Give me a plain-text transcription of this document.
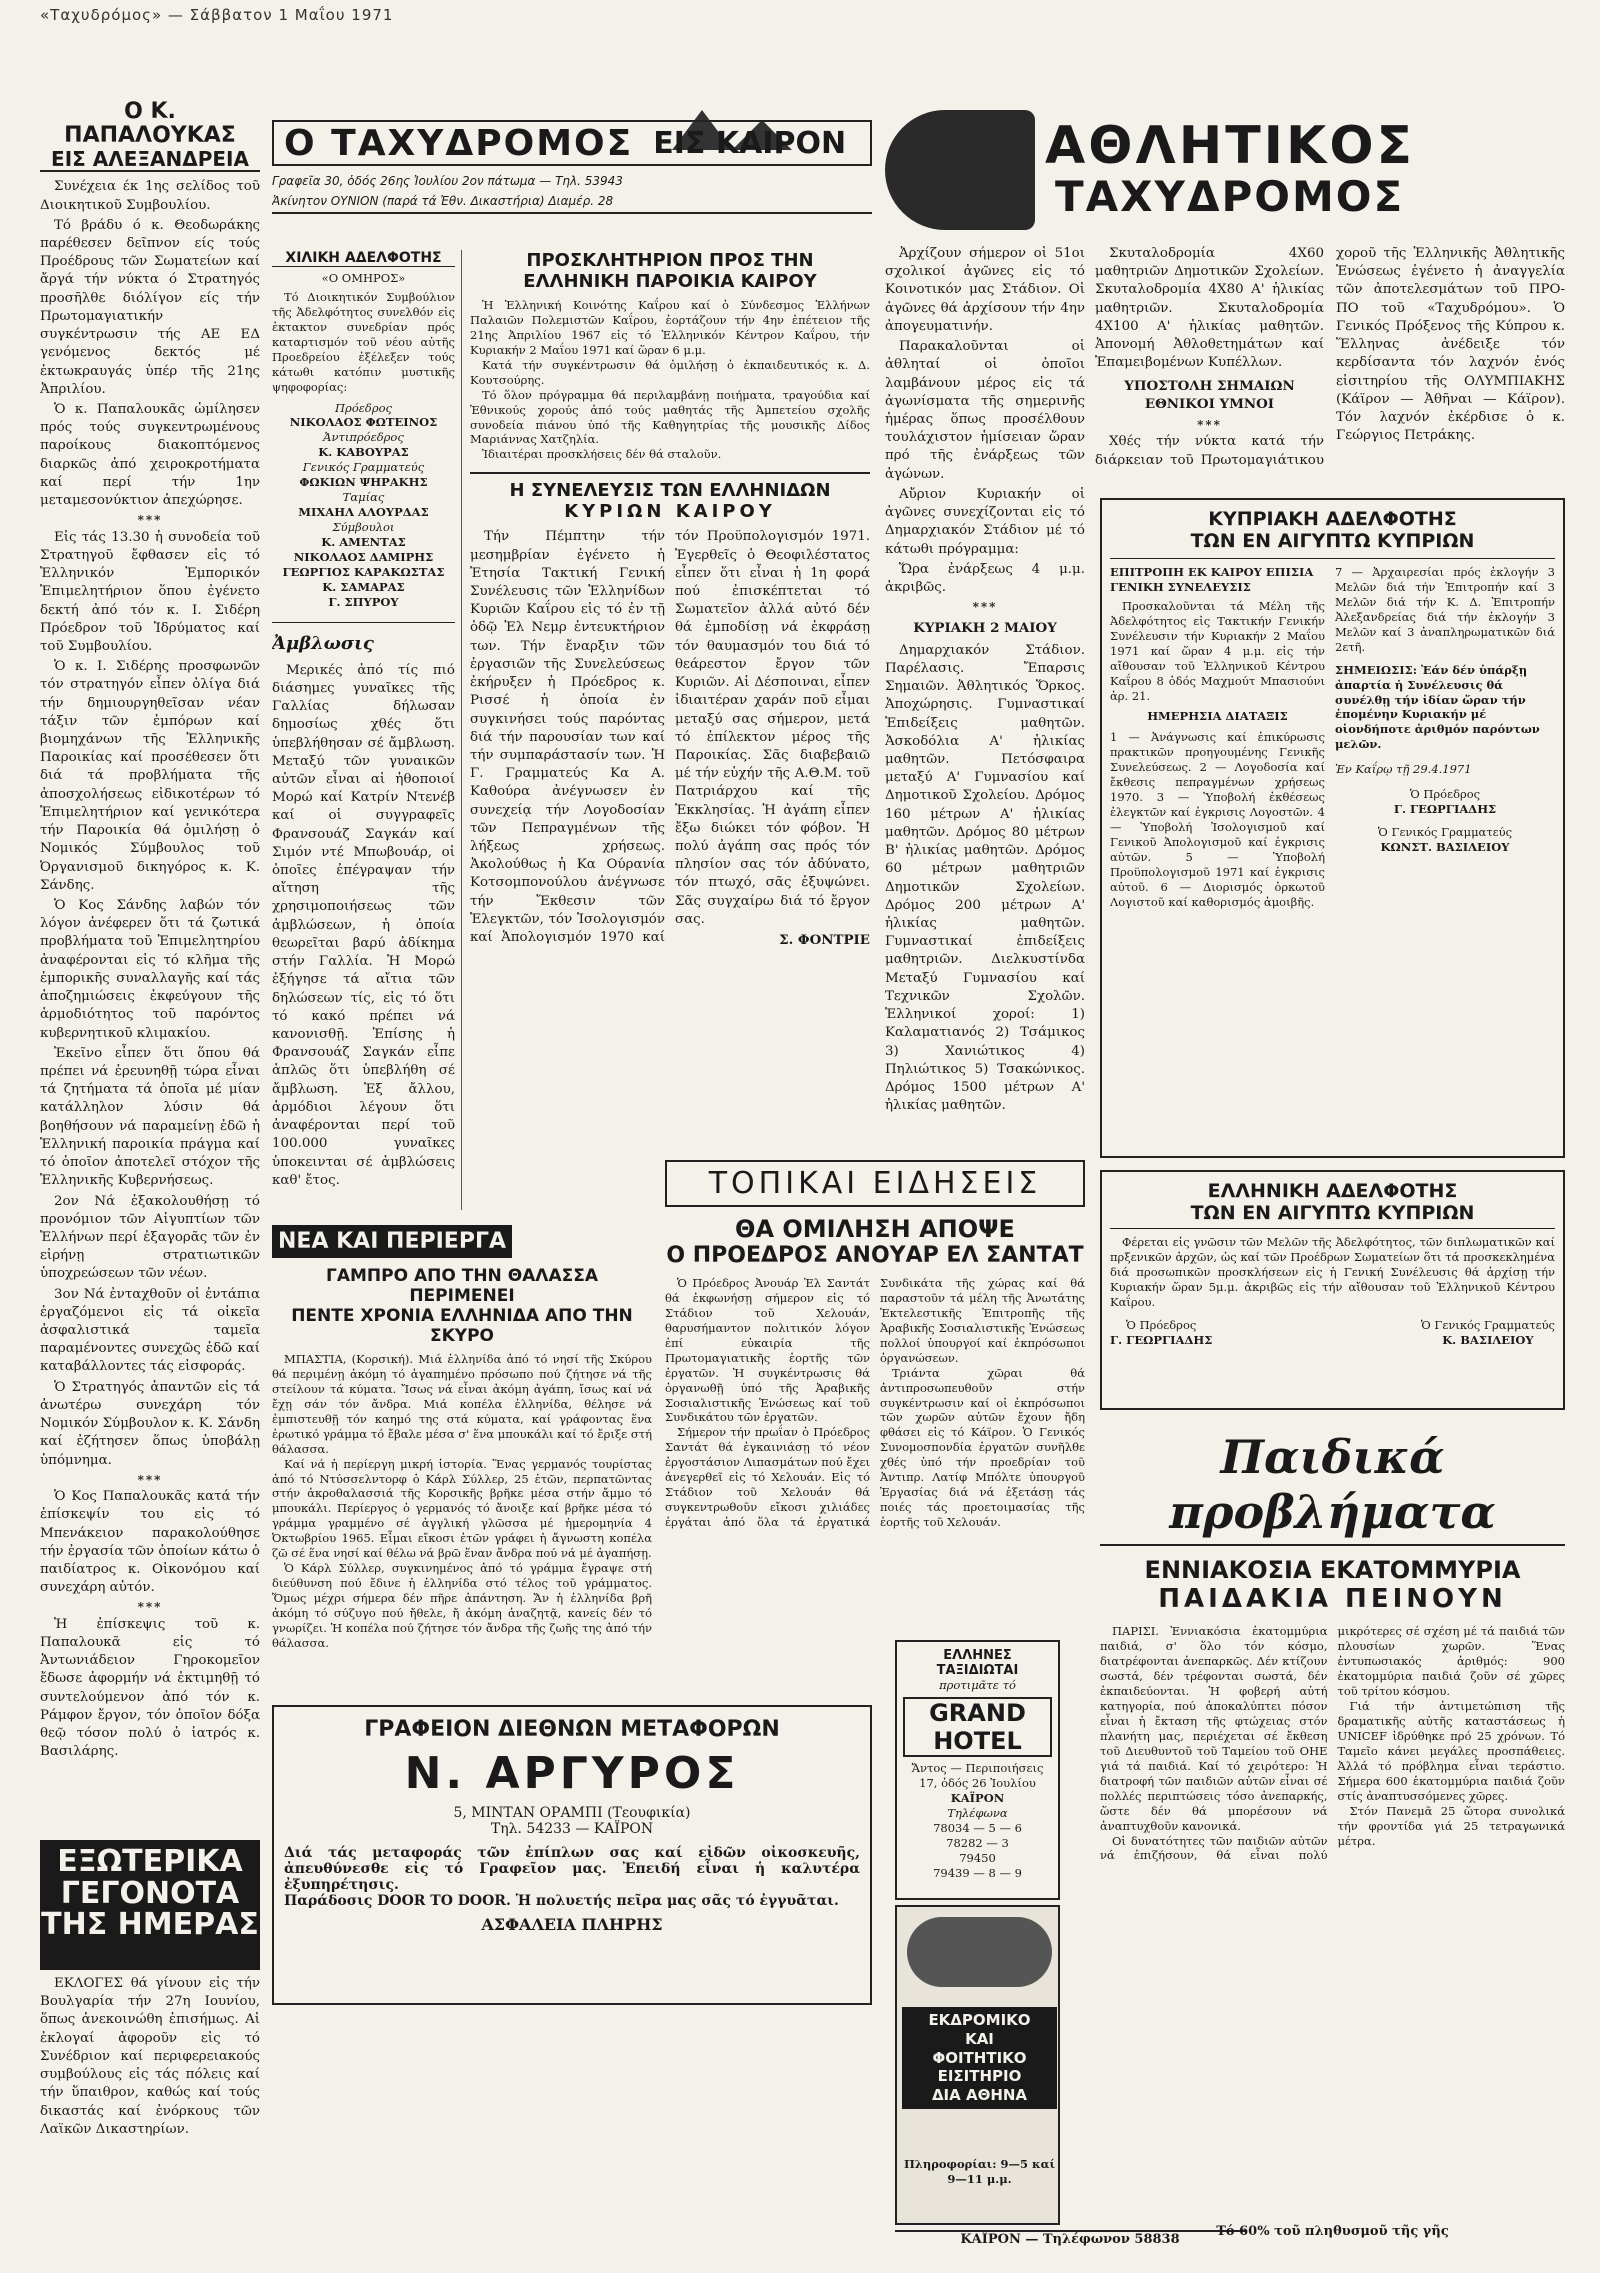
«Ταχυδρόμος» — Σάββατον 1 Μαΐου 1971
Ο Κ. ΠΑΠΑΛΟΥΚΑΣ
ΕΙΣ ΑΛΕΞΑΝΔΡΕΙΑ

Συνέχεια έκ 1ης σελίδος τοῦ Διοικητικοῦ Συμβουλίου.

Τό βράδυ ό κ. Θεοδωράκης παρέθεσεν δεῖπνον είς τούς Προέδρους τῶν Σωματείων καί ἄργά τήν νύκτα ό Στρατηγός προσῆλθε διόλίγον είς τήν Πρωτομαγιατικήν συγκέντρωσιν τής ΑΕ ΕΔ γενόμενος δεκτός μέ ἐκτωκραυγάς ὑπέρ τῆς 21ης Ἀπριλίου.

Ὁ κ. Παπαλουκᾶς ὡμίλησεν πρός τούς συγκεντρωμένους παροίκους διακοπτόμενος διαρκῶς ἀπό χειροκροτήματα καί περί τήν 1ην μεταμεσονύκτιον ἀπεχώρησε.

***

Εἰς τάς 13.30 ἡ συνοδεία τοῦ Στρατηγοῦ ἔφθασεν εἰς τό Ἑλληνικόν Ἐμπορικόν Ἐπιμελητήριον ὅπου ἐγένετο δεκτή ἀπό τόν κ. Ι. Σιδέρη Πρόεδρον τοῦ Ἱδρύματος καί τοῦ Συμβουλίου.

Ὁ κ. Ι. Σιδέρης προσφωνῶν τόν στρατηγόν εἶπεν ὀλίγα διά τήν δημιουργηθεῖσαν νέαν τάξιν τῶν ἐμπόρων καί βιομηχάνων τῆς Ἑλληνικῆς Παροικίας καί προσέθεσεν ὅτι διά τά προβλήματα τῆς ἀποσχολήσεως εἰδικοτέρων τό Ἐπιμελητήριον καί γενικότερα τήν Παροικία θά ὁμιλήσῃ ὁ Νομικός Σύμβουλος τοῦ Ὀργανισμοῦ δικηγόρος κ. Κ. Σάνδης.

Ὁ Κος Σάνδης λαβών τόν λόγον ἀνέφερεν ὅτι τά ζωτικά προβλήματα τοῦ Ἐπιμελητηρίου ἀναφέρονται εἰς τό κλῆμα τῆς ἐμπορικῆς συναλλαγῆς καί τάς ἀποζημιώσεις ἐκφεύγουν τῆς ἁρμοδιότητος τοῦ παρόντος κυβερνητικοῦ κλιμακίου.

Ἐκεῖνο εἶπεν ὅτι ὅπου θά πρέπει νά ἐρευνηθῇ τώρα εἶναι τά ζητήματα τά ὁποῖα μέ μίαν κατάλληλον λύσιν θά βοηθήσουν νά παραμείνῃ ἐδῶ ἡ Ἑλληνική παροικία πράγμα καί τό ὁποῖον ἀποτελεῖ στόχον τῆς Ἑλληνικῆς Κυβερνήσεως.

2ον Νά ἐξακολουθήσῃ τό προνόμιον τῶν Αἰγυπτίων τῶν Ἑλλήνων περί ἐξαγορᾶς τῶν ἐν εἰρήνῃ στρατιωτικῶν ὑποχρεώσεων τῶν νέων.

3ον Νά ἐνταχθοῦν οἱ ἐντάπια ἐργαζόμενοι εἰς τά οἰκεῖα ἀσφαλιστικά ταμεῖα παραμένοντες συνεχῶς ἐδῶ καί καταβάλλοντες τάς εἰσφοράς.

Ὁ Στρατηγός ἀπαντῶν εἰς τά ἀνωτέρω συνεχάρη τόν Νομικόν Σύμβουλον κ. Κ. Σάνδη καί ἐζήτησεν ὅπως ὑποβάλῃ ὑπόμνημα.

***

Ὁ Κος Παπαλουκᾶς κατά τήν ἐπίσκεψίν του εἰς τό Μπενάκειον παρακολούθησε τήν ἐργασία τῶν ὁποίων κάτω ὁ παιδίατρος κ. Οἰκονόμου καί συνεχάρη αὐτόν.

***

Ἡ ἐπίσκεψις τοῦ κ. Παπαλουκᾶ εἰς τό Ἀντωνιάδειον Γηροκομεῖον ἔδωσε ἀφορμήν νά ἐκτιμηθῇ τό συντελούμενον ἀπό τόν κ. Ράμφον ἔργον, τόν ὁποῖον δόξα θεῷ τόσον πολύ ὁ ἰατρός κ. Βασιλάρης.

ΕΞΩΤΕΡΙΚΑ ΓΕΓΟΝΟΤΑ ΤΗΣ ΗΜΕΡΑΣ

ΕΚΛΟΓΕΣ θά γίνουν εἰς τήν Βουλγαρία τήν 27η Ιουνίου, ὅπως ἀνεκοινώθη ἐπισήμως. Αἱ ἐκλογαί ἀφοροῦν εἰς τό Συνέδριον καί περιφερειακούς συμβούλους εἰς τάς πόλεις καί τήν ὕπαιθρον, καθώς καί τούς δικαστάς καί ἐνόρκους τῶν Λαϊκῶν Δικαστηρίων.

Ο ΤΑΧΥΔΡΟΜΟΣ ΕΙΣ ΚΑΙΡΟΝ
Γραφεῖα 30, ὁδός 26ης Ἰουλίου 2ον πάτωμα — Τηλ. 53943
Ἀκίνητον ΟΥΝΙΟΝ (παρά τά Ἐθν. Δικαστήρια) Διαμέρ. 28
ΧΙΛΙΚΗ ΑΔΕΛΦΟΤΗΣ
«Ο ΟΜΗΡΟΣ»
Τό Διοικητικόν Συμβούλιον τῆς Ἀδελφότητος συνελθόν εἰς ἐκτακτον συνεδρίαν πρός καταρτισμόν τοῦ νέου αὐτῆς Προεδρείου ἐξέλεξεν τούς κάτωθι κατόπιν μυστικῆς ψηφοφορίας:
Πρόεδρος
ΝΙΚΟΛΑΟΣ ΦΩΤΕΙΝΟΣ
Ἀντιπρόεδρος
Κ. ΚΑΒΟΥΡΑΣ
Γενικός Γραμματεύς
ΦΩΚΙΩΝ ΨΗΡΑΚΗΣ
Ταμίας
ΜΙΧΑΗΛ ΑΛΟΥΡΔΑΣ
Σύμβουλοι
Κ. ΑΜΕΝΤΑΣ
ΝΙΚΟΛΑΟΣ ΔΑΜΙΡΗΣ
ΓΕΩΡΓΙΟΣ ΚΑΡΑΚΩΣΤΑΣ
Κ. ΣΑΜΑΡΑΣ
Γ. ΣΠΥΡΟΥ
Ἀμβλωσις

Μερικές ἀπό τίς πιό διάσημες γυναῖκες τῆς Γαλλίας δήλωσαν δημοσίως χθές ὅτι ὑπεβλήθησαν σέ ἄμβλωση. Μεταξύ τῶν γυναικῶν αὐτῶν εἶναι αἱ ἠθοποιοί Μορώ καί Κατρίν Ντενέβ καί οἱ συγγραφεῖς Φρανσουάζ Σαγκάν καί Σιμόν ντέ Μπωβουάρ, οἱ ὁποῖες ἐπέγραψαν τήν αἴτηση τῆς χρησιμοποιήσεως τῶν ἀμβλώσεων, ἡ ὁποία θεωρεῖται βαρύ ἀδίκημα στήν Γαλλία. Ἡ Μορώ ἐξήγησε τά αἴτια τῶν δηλώσεων τίς, εἰς τό ὅτι τό κακό πρέπει νά κανονισθῇ. Ἐπίσης ἡ Φρανσουάζ Σαγκάν εἶπε ἁπλῶς ὅτι ὑπεβλήθη σέ ἄμβλωση. Ἐξ ἄλλου, ἁρμόδιοι λέγουν ὅτι ἀναφέρονται περί τοῦ 100.000 γυναῖκες ὑποκεινται σέ ἀμβλώσεις καθ' ἔτος.

ΠΡΟΣΚΛΗΤΗΡΙΟΝ ΠΡΟΣ ΤΗΝ
ΕΛΛΗΝΙΚΗ ΠΑΡΟΙΚΙΑ ΚΑΙΡΟΥ

Ἡ Ἑλληνική Κοινότης Καΐρου καί ὁ Σύνδεσμος Ἑλλήνων Παλαιῶν Πολεμιστῶν Καΐρου, ἑορτάζουν τήν 4ην ἐπέτειον τῆς 21ης Ἀπριλίου 1967 εἰς τό Ἑλληνικόν Κέντρον Καΐρου, τήν Κυριακήν 2 Μαΐου 1971 καί ὥραν 6 μ.μ.

Κατά τήν συγκέντρωσιν θά ὁμιλήσῃ ὁ ἐκπαιδευτικός κ. Δ. Κουτσούρης.

Τό ὅλον πρόγραμμα θά περιλαμβάνῃ ποιήματα, τραγούδια καί Ἐθνικούς χορούς ἀπό τούς μαθητάς τῆς Ἀμπετείου σχολῆς συνοδεία πιάνου ὑπό τῆς Καθηγητρίας τῆς μουσικῆς Δίδος Μαριάννας Χατζηλία.

Ἰδιαιτέραι προσκλήσεις δέν θά σταλοῦν.

Η ΣΥΝΕΛΕΥΣΙΣ ΤΩΝ ΕΛΛΗΝΙΔΩΝ
ΚΥΡΙΩΝ ΚΑΙΡΟΥ

Τήν Πέμπτην τήν μεσημβρίαν ἐγένετο ἡ Ἐτησία Τακτική Γενική Συνέλευσις τῶν Ἑλληνίδων Κυριῶν Καΐρου εἰς τό ἐν τῇ ὁδῷ Ἐλ Νεμρ ἐντευκτήριον των. Τήν ἔναρξιν τῶν ἐργασιῶν τῆς Συνελεύσεως ἐκήρυξεν ἡ Πρόεδρος κ. Ρισσέ ἡ ὁποία ἐν συγκινήσει τούς παρόντας διά τήν παρουσίαν των καί τήν συμπαράστασίν των. Ἡ Γ. Γραμματεύς Κα Α. Καθούρα ἀνέγνωσεν ἐν συνεχείᾳ τήν Λογοδοσίαν τῶν Πεπραγμένων τῆς λήξεως χρήσεως. Ἀκολούθως ἡ Κα Ούρανία Κοτσομπονούλου ἀνέγνωσε τήν Ἔκθεσιν τῶν Ἐλεγκτῶν, τόν Ἰσολογισμόν καί Ἀπολογισμόν 1970 καί τόν Προϋπολογισμόν 1971. Ἐγερθεῖς ὁ Θεοφιλέστατος εἶπεν ὅτι εἶναι ἡ 1η φορά πού ἐπισκέπτεται τό Σωματεῖον ἀλλά αὐτό δέν θά ἐμποδίσῃ νά ἐκφράσῃ τόν θαυμασμόν του διά τό θεάρεστον ἔργον τῶν Κυριῶν. Αἱ Δέσποιναι, εἶπεν ἰδιαιτέραν χαράν ποῦ εἶμαι μεταξύ σας σήμερον, μετά τό ἐπίλεκτον μέρος τῆς Παροικίας. Σᾶς διαβεβαιῶ μέ τήν εὐχήν τῆς Α.Θ.Μ. τοῦ Πατριάρχου καί τῆς Ἐκκλησίας. Ἡ ἀγάπη εἶπεν ἔξω διώκει τόν φόβον. Ἡ πολύ ἀγάπη σας πρός τόν πλησίον σας τόν ἀδύνατο, τόν πτωχό, σᾶς ἐξυψώνει. Σᾶς συγχαίρω διά τό ἔργον σας.

Σ. ΦΟΝΤΡΙΕ

Ἀρχίζουν σήμερον οἱ 51οι σχολικοί ἀγῶνες εἰς τό Κοινοτικόν μας Στάδιον. Οἱ ἀγῶνες θά ἀρχίσουν τήν 4ην ἀπογευματινήν.

Παρακαλοῦνται οἱ ἀθληταί οἱ ὁποῖοι λαμβάνουν μέρος εἰς τά ἀγωνίσματα τῆς σημερινῆς ἡμέρας ὅπως προσέλθουν τουλάχιστον ἡμίσειαν ὥραν πρό τῆς ἐνάρξεως τῶν ἀγώνων.

Αὔριον Κυριακήν οἱ ἀγῶνες συνεχίζονται εἰς τό Δημαρχιακόν Στάδιον μέ τό κάτωθι πρόγραμμα:

Ὥρα ἐνάρξεως 4 μ.μ. ἀκριβῶς.

***
ΚΥΡΙΑΚΗ 2 ΜΑΙΟΥ

Δημαρχιακόν Στάδιον. Παρέλασις. Ἔπαρσις Σημαιῶν. Ἀθλητικός Ὅρκος. Ἀποχώρησις. Γυμναστικαί Ἐπιδείξεις μαθητῶν. Ἀσκοδόλια Α' ἡλικίας μαθητῶν. Πετόσφαιρα μεταξύ Α' Γυμνασίου καί Δημοτικοῦ Σχολείου. Δρόμος 160 μέτρων Α' ἡλικίας μαθητῶν. Δρόμος 80 μέτρων Β' ἡλικίας μαθητῶν. Δρόμος 60 μέτρων μαθητριῶν Δημοτικῶν Σχολείων. Δρόμος 200 μέτρων Α' ἡλικίας μαθητῶν. Γυμναστικαί ἐπιδείξεις μαθητριῶν. Διελκυστίνδα Μεταξύ Γυμνασίου καί Τεχνικῶν Σχολῶν. Ἑλληνικοί χοροί: 1) Καλαματιανός 2) Τσάμικος 3) Χανιώτικος 4) Πηλιώτικος 5) Τσακώνικος. Δρόμος 1500 μέτρων Α' ἡλικίας μαθητῶν.

ΑΘΛΗΤΙΚΟΣ
ΤΑΧΥΔΡΟΜΟΣ

Σκυταλοδρομία 4Χ60 μαθητριῶν Δημοτικῶν Σχολείων. Σκυταλοδρομία 4Χ80 Α' ἡλικίας μαθητριῶν. Σκυταλοδρομία 4Χ100 Α' ἡλικίας μαθητῶν. Ἀπονομή Ἀθλοθετημάτων καί Ἐπαμειβομένων Κυπέλλων.

ΥΠΟΣΤΟΛΗ ΣΗΜΑΙΩΝ ΕΘΝΙΚΟΙ ΥΜΝΟΙ
***

Χθές τήν νύκτα κατά τήν διάρκειαν τοῦ Πρωτομαγιάτικου χοροῦ τῆς Ἑλληνικῆς Ἀθλητικῆς Ἑνώσεως ἐγένετο ἡ ἀναγγελία τῶν ἀποτελεσμάτων τοῦ ΠΡΟ-ΠΟ τοῦ «Ταχυδρόμου». Ὁ Γενικός Πρόξενος τῆς Κύπρου κ. Ἕλληνας ἀνέδειξε τόν κερδίσαντα τόν λαχνόν ἐνός εἰσιτηρίου τῆς ΟΛΥΜΠΙΑΚΗΣ (Κάϊρον — Ἀθῆναι — Κάϊρον). Τόν λαχνόν ἐκέρδισε ὁ κ. Γεώργιος Πετράκης.

ΚΥΠΡΙΑΚΗ ΑΔΕΛΦΟΤΗΣ
ΤΩΝ ΕΝ ΑΙΓΥΠΤΩ ΚΥΠΡΙΩΝ
ΕΠΙΤΡΟΠΗ ΕΚ ΚΑΙΡΟΥ ΕΠΙΣΙΑ ΓΕΝΙΚΗ ΣΥΝΕΛΕΥΣΙΣ

Προσκαλοῦνται τά Μέλη τῆς Ἀδελφότητος εἰς Τακτικήν Γενικήν Συνέλευσιν τήν Κυριακήν 2 Μαΐου 1971 καί ὥραν 4 μ.μ. εἰς τήν αἴθουσαν τοῦ Ἑλληνικοῦ Κέντρου Καΐρου 8 ὁδός Μαχμούτ Μπασιούνι ἀρ. 21.

ΗΜΕΡΗΣΙΑ ΔΙΑΤΑΞΙΣ

1 — Ἀνάγνωσις καί ἐπικύρωσις πρακτικῶν προηγουμένης Γενικῆς Συνελεύσεως. 2 — Λογοδοσία καί ἔκθεσις πεπραγμένων χρήσεως 1970. 3 — Ὑποβολή ἐκθέσεως ἐλεγκτῶν καί ἐγκρισις Λογοστῶν. 4 — Ὑποβολή Ἰσολογισμοῦ καί Γενικοῦ Ἀπολογισμοῦ καί ἐγκρισις αὐτῶν. 5 — Ὑποβολή Προϋπολογισμοῦ 1971 καί ἐγκρισις αὐτοῦ. 6 — Διορισμός ὁρκωτοῦ Λογιστοῦ καί καθορισμός ἀμοιβῆς.

7 — Ἀρχαιρεσίαι πρός ἐκλογήν 3 Μελῶν διά τήν Ἐπιτροπήν καί 3 Μελῶν διά τήν Κ. Δ. Ἐπιτροπήν Ἀλεξανδρείας διά τήν ἐκλογήν 3 Μελῶν καί 3 ἀναπληρωματικῶν διά 2ετῆ.

ΣΗΜΕΙΩΣΙΣ: Ἐάν δέν ὑπάρξῃ ἀπαρτία ἡ Συνέλευσις θά συνέλθῃ τήν ἰδίαν ὥραν τήν ἑπομένην Κυριακήν μέ οἱονδήποτε ἀριθμόν παρόντων μελῶν.

Ἐν Καΐρῳ τῇ 29.4.1971
Ὁ Πρόεδρος
Γ. ΓΕΩΡΓΙΑΔΗΣ
Ὁ Γενικός Γραμματεύς
ΚΩΝΣΤ. ΒΑΣΙΛΕΙΟΥ
ΕΛΛΗΝΙΚΗ ΑΔΕΛΦΟΤΗΣ
ΤΩΝ ΕΝ ΑΙΓΥΠΤΩ ΚΥΠΡΙΩΝ

Φέρεται εἰς γνῶσιν τῶν Μελῶν τῆς Ἀδελφότητος, τῶν διπλωματικῶν καί πρξενικῶν ἀρχῶν, ὡς καί τῶν Προέδρων Σωματείων ὅτι τά προσκεκλημένα διά προσωπικῶν προσκλήσεων εἰς ἡ Γενική Συνέλευσις θά ἀρχίσῃ τήν Κυριακήν ὥραν 5μ.μ. ἀκριβῶς εἰς τήν αἴθουσαν τοῦ Ἑλληνικοῦ Κέντρου Καΐρου.

Ὁ Πρόεδρος
Γ. ΓΕΩΡΓΙΑΔΗΣ
Ὁ Γενικός Γραμματεύς
Κ. ΒΑΣΙΛΕΙΟΥ
ΝΕΑ ΚΑΙ ΠΕΡΙΕΡΓΑ
ΓΑΜΠΡΟ ΑΠΟ ΤΗΝ ΘΑΛΑΣΣΑ ΠΕΡΙΜΕΝΕΙ
ΠΕΝΤΕ ΧΡΟΝΙΑ ΕΛΛΗΝΙΔΑ ΑΠΟ ΤΗΝ ΣΚΥΡΟ

ΜΠΑΣΤΙΑ, (Κορσική). Μιά ἑλληνίδα ἀπό τό νησί τῆς Σκύρου θά περιμένῃ ἀκόμη τό ἀγαπημένο πρόσωπο πού ζήτησε νά τῆς στείλουν τά κύματα. Ἴσως νά εἶναι ἀκόμη ἀγάπη, ἴσως καί νά ἔχῃ σάν τόν ἄνδρα. Μιά κοπέλα ἑλληνίδα, θέλησε νά ἐμπιστευθῇ τόν καημό της στά κύματα, καί γράφοντας ἕνα ἐρωτικό γράμμα τό ἔβαλε μέσα σ' ἕνα μπουκάλι καί τό ἔριξε στή θάλασσα.

Καί νά ἡ περίεργη μικρή ἱστορία. Ἕνας γερμανός τουρίστας ἀπό τό Ντύσσελντορφ ὁ Κάρλ Σύλλερ, 25 ἐτῶν, περπατῶντας στήν ἀκροθαλασσιά τῆς Κορσικῆς βρῆκε μέσα στήν ἄμμο τό μπουκάλι. Περίεργος ὁ γερμανός τό ἄνοιξε καί βρῆκε μέσα τό γράμμα γραμμένο σέ ἀγγλική γλῶσσα μέ ἡμερομηνία 4 Ὀκτωβρίου 1965. Εἶμαι εἴκοσι ἐτῶν γράφει ἡ ἄγνωστη κοπέλα ζῶ σέ ἕνα νησί καί θέλω νά βρῶ ἕναν ἄνδρα πού νά μέ ἀγαπήσῃ.

Ὁ Κάρλ Σύλλερ, συγκινημένος ἀπό τό γράμμα ἔγραψε στή διεύθυνση πού ἔδινε ἡ ἑλληνίδα στό τέλος τοῦ γράμματος. Ὅμως μέχρι σήμερα δέν πῆρε ἀπάντηση. Ἄν ἡ ἑλληνίδα βρῆ ἀκόμη τό σύζυγο πού ἤθελε, ἤ ἀκόμη ἀναζητᾷ, κανείς δέν τό γνωρίζει. Ἡ κοπέλα πού ζήτησε τόν ἄνδρα τῆς ζωῆς της ἀπό τήν θάλασσα.

ΤΟΠΙΚΑΙ ΕΙΔΗΣΕΙΣ
ΘΑ ΟΜΙΛΗΣΗ ΑΠΟΨΕ
Ο ΠΡΟΕΔΡΟΣ ΑΝΟΥΑΡ ΕΛ ΣΑΝΤΑΤ

Ὁ Πρόεδρος Ἀνουάρ Ἐλ Σαντάτ θά ἐκφωνήσῃ σήμερον εἰς τό Στάδιον τοῦ Χελουάν, θαρυσήμαντον πολιτικόν λόγον ἐπί εὐκαιρία τῆς Πρωτομαγιατικῆς ἑορτῆς τῶν ἐργατῶν. Ἡ συγκέντρωσις θά ὀργανωθῇ ὑπό τῆς Ἀραβικῆς Σοσιαλιστικῆς Ἑνώσεως καί τοῦ Συνδικάτου τῶν ἐργατῶν.

Σήμερον τήν πρωΐαν ὁ Πρόεδρος Σαντάτ θά ἐγκαινιάσῃ τό νέον ἐργοστάσιον Λιπασμάτων πού ἔχει ἀνεγερθεῖ εἰς τό Χελουάν. Εἰς τό Στάδιον τοῦ Χελουάν θά συγκεντρωθοῦν εἴκοσι χιλιάδες ἐργάται ἀπό ὅλα τά ἐργατικά Συνδικάτα τῆς χώρας καί θά παραστοῦν τά μέλη τῆς Ἀνωτάτης Ἐκτελεστικῆς Ἐπιτροπῆς τῆς Ἀραβικῆς Σοσιαλιστικῆς Ἑνώσεως πολλοί ὑπουργοί καί ἐκπρόσωποι ὀργανώσεων.

Τριάντα χῶραι θά ἀντιπροσωπευθοῦν στήν συγκέντρωσιν καί οἱ ἐκπρόσωποι τῶν χωρῶν αὐτῶν ἔχουν ἤδη φθάσει εἰς τό Κάϊρον. Ὁ Γενικός Συνομοσπονδία ἐργατῶν συνῆλθε χθές ὑπό τήν προεδρίαν τοῦ Ἀντιπρ. Λατίφ Μπόλτε ὑπουργοῦ Ἐργασίας διά νά ἐξετάσῃ τάς ποιές τάς προετοιμασίας τῆς ἑορτῆς τοῦ Χελουάν.

ΕΛΛΗΝΕΣ
ΤΑΞΙΔΙΩΤΑΙ
προτιμᾶτε τό
GRAND HOTEL
Ἄντος — Περιποιήσεις
17, ὁδός 26 Ἰουλίου
ΚΑΪΡΟΝ
Τηλέφωνα
78034 — 5 — 6
78282 — 3
79450
79439 — 8 — 9
ΕΚΔΡΟΜΙΚΟ
ΚΑΙ
ΦΟΙΤΗΤΙΚΟ
ΕΙΣΙΤΗΡΙΟ
ΔΙΑ ΑΘΗΝΑ
Πληροφορίαι: 9—5 καί 9—11 μ.μ.
ΚΑΪΡΟΝ — Τηλέφωνον 58838
ΓΡΑΦΕΙΟΝ ΔΙΕΘΝΩΝ ΜΕΤΑΦΟΡΩΝ
Ν. ΑΡΓΥΡΟΣ
5, ΜΙΝΤΑΝ ΟΡΑΜΠΙ (Τεουφικία)
Τηλ. 54233 — ΚΑΪΡΟΝ

Διά τάς μεταφοράς τῶν ἐπίπλων σας καί εἰδῶν οἰκοσκευῆς, ἀπευθύνεσθε εἰς τό Γραφεῖον μας. Ἐπειδή εἶναι ἡ καλυτέρα ἐξυπηρέτησις.

Παράδοσις DOOR TO DOOR. Ἡ πολυετής πεῖρα μας σᾶς τό ἐγγυᾶται.

ΑΣΦΑΛΕΙΑ ΠΛΗΡΗΣ
Παιδικά προβλήματα
ΕΝΝΙΑΚΟΣΙΑ ΕΚΑΤΟΜΜΥΡΙΑ
ΠΑΙΔΑΚΙΑ ΠΕΙΝΟΥΝ

ΠΑΡΙΣΙ. Ἐννιακόσια ἑκατομμύρια παιδιά, σ' ὅλο τόν κόσμο, διατρέφονται ἀνεπαρκῶς. Δέν κτίζουν σωστά, δέν τρέφονται σωστά, δέν ἐκπαιδεύονται. Ἡ φοβερή αὐτή κατηγορία, πού ἀποκαλύπτει πόσον εἶναι ἡ ἔκταση τῆς φτώχειας στόν πλανήτη μας, περιέχεται σέ ἔκθεση τοῦ Διευθυντοῦ τοῦ Ταμείου τοῦ ΟΗΕ γιά τά παιδιά. Καί τό χειρότερο: Ἡ διατροφή τῶν παιδιῶν αὐτῶν εἶναι σέ πολλές περιπτώσεις τόσο ἀνεπαρκής, ὥστε δέν θά μπορέσουν νά ἀναπτυχθοῦν κανονικά.

Οἱ δυνατότητες τῶν παιδιῶν αὐτῶν νά ἐπιζήσουν, θά εἶναι πολύ μικρότερες σέ σχέση μέ τά παιδιά τῶν πλουσίων χωρῶν. Ἕνας ἐντυπωσιακός ἀριθμός: 900 ἑκατομμύρια παιδιά ζοῦν σέ χῶρες τοῦ τρίτου κόσμου.

Γιά τήν ἀντιμετώπιση τῆς δραματικῆς αὐτῆς καταστάσεως ἡ UNICEF ἱδρύθηκε πρό 25 χρόνων. Τό Ταμεῖο κάνει μεγάλες προσπάθειες. Ἀλλά τό πρόβλημα εἶναι τεράστιο. Σήμερα 600 ἑκατομμύρια παιδιά ζοῦν στίς ἀναπτυσσόμενες χῶρες.

Στόν Πανεμᾶ 25 ὥτορα συνολικά τήν φροντίδα γιά 25 τετραγωνικά μέτρα.

Τό 60% τοῦ πληθυσμοῦ τῆς γῆς
